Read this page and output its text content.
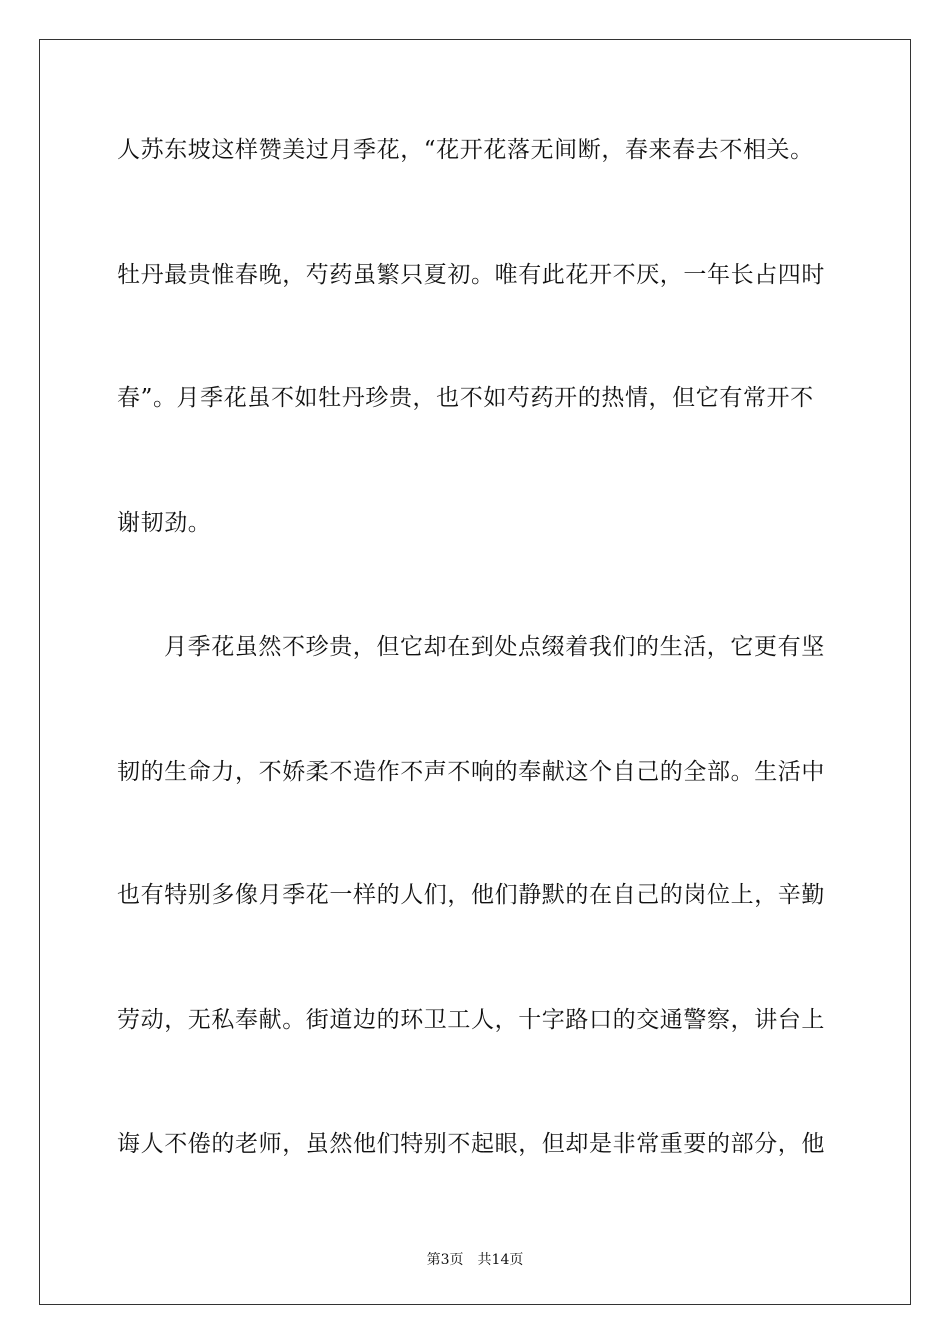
人苏东坡这样赞美过月季花，“花开花落无间断，春来春去不相关。
牡丹最贵惟春晚，芍药虽繁只夏初。唯有此花开不厌，一年长占四时
春”。月季花虽不如牡丹珍贵，也不如芍药开的热情，但它有常开不
谢韧劲。
月季花虽然不珍贵，但它却在到处点缀着我们的生活，它更有坚
韧的生命力，不娇柔不造作不声不响的奉献这个自己的全部。生活中
也有特别多像月季花一样的人们，他们静默的在自己的岗位上，辛勤
劳动，无私奉献。街道边的环卫工人，十字路口的交通警察，讲台上
诲人不倦的老师，虽然他们特别不起眼，但却是非常重要的部分，他
第3页 共14页
